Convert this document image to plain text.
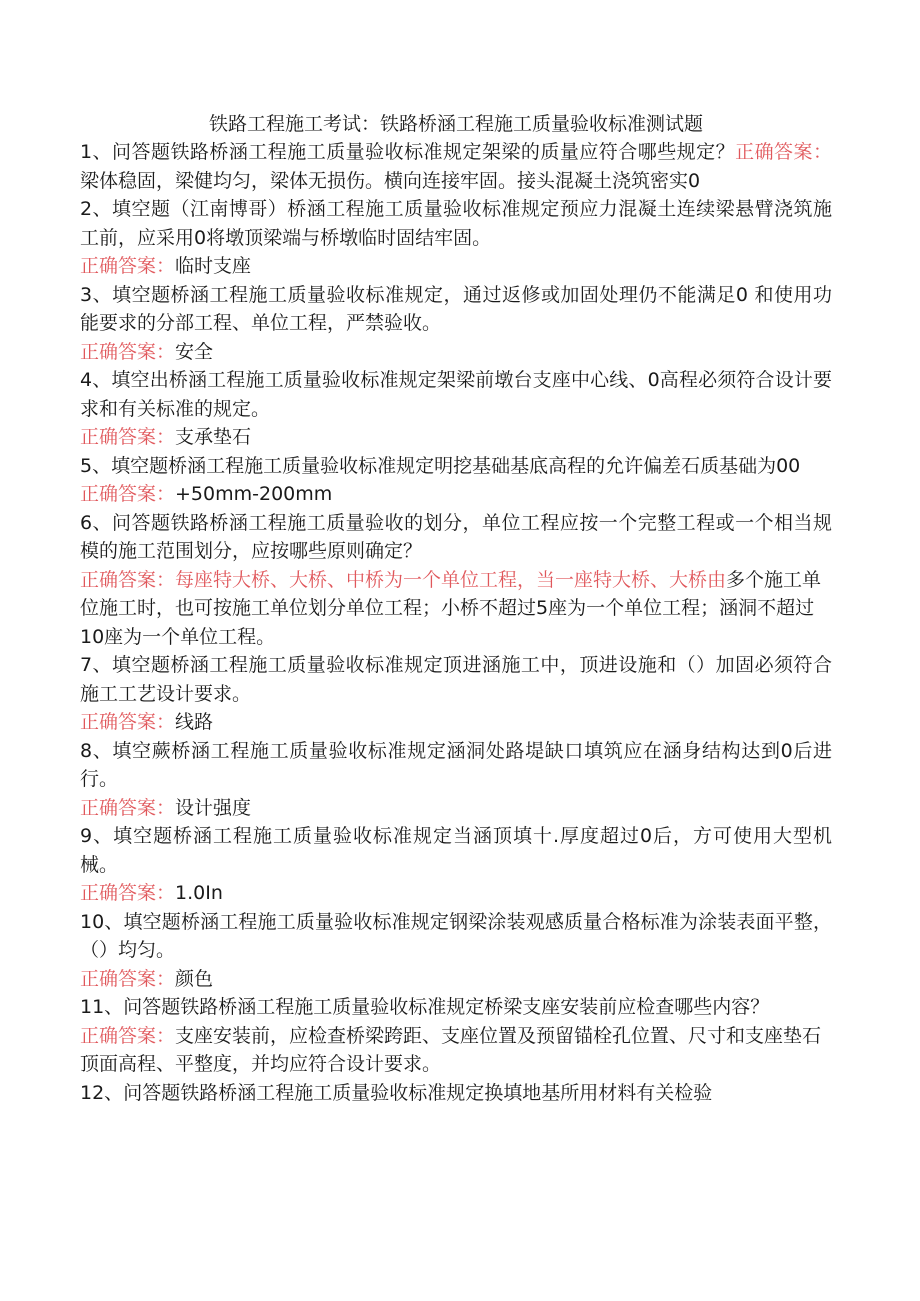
铁路工程施工考试：铁路桥涵工程施工质量验收标准测试题

1、问答题铁路桥涵工程施工质量验收标准规定架梁的质量应符合哪些规定？正确答案：梁体稳固，梁健均匀，梁体无损伤。横向连接牢固。接头混凝土浇筑密实0

2、填空题（江南博哥）桥涵工程施工质量验收标准规定预应力混凝土连续梁悬臂浇筑施工前，应采用0将墩顶梁端与桥墩临时固结牢固。

正确答案：临时支座

3、填空题桥涵工程施工质量验收标准规定，通过返修或加固处理仍不能满足0 和使用功能要求的分部工程、单位工程，严禁验收。

正确答案：安全

4、填空出桥涵工程施工质量验收标准规定架梁前墩台支座中心线、0高程必须符合设计要求和有关标准的规定。

正确答案：支承垫石

5、填空题桥涵工程施工质量验收标准规定明挖基础基底高程的允许偏差石质基础为00

正确答案：+50mm-200mm

6、问答题铁路桥涵工程施工质量验收的划分，单位工程应按一个完整工程或一个相当规模的施工范围划分，应按哪些原则确定？

正确答案：每座特大桥、大桥、中桥为一个单位工程，当一座特大桥、大桥由多个施工单位施工时，也可按施工单位划分单位工程；小桥不超过5座为一个单位工程；涵洞不超过10座为一个单位工程。

7、填空题桥涵工程施工质量验收标准规定顶进涵施工中，顶进设施和（）加固必须符合施工工艺设计要求。

正确答案：线路

8、填空蕨桥涵工程施工质量验收标准规定涵洞处路堤缺口填筑应在涵身结构达到0后进行。

正确答案：设计强度

9、填空题桥涵工程施工质量验收标准规定当涵顶填十.厚度超过0后，方可使用大型机械。

正确答案：1.0In

10、填空题桥涵工程施工质量验收标准规定钢梁涂装观感质量合格标准为涂装表面平整，（）均匀。

正确答案：颜色

11、问答题铁路桥涵工程施工质量验收标准规定桥梁支座安装前应检查哪些内容？

正确答案：支座安装前，应检查桥梁跨距、支座位置及预留锚栓孔位置、尺寸和支座垫石顶面高程、平整度，并均应符合设计要求。

12、问答题铁路桥涵工程施工质量验收标准规定换填地基所用材料有关检验
